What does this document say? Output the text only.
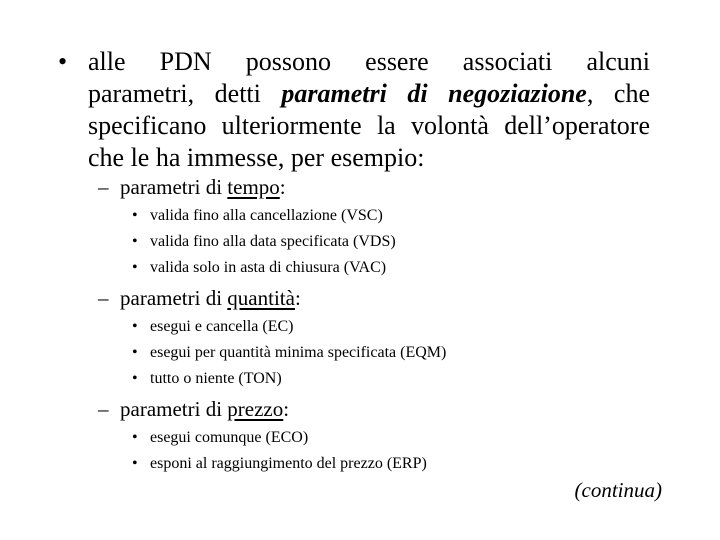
• alle PDN possono essere associati alcuni
parametri, detti parametri di negoziazione, che
specificano ulteriormente la volontà dell’operatore
che le ha immesse, per esempio:

– parametri di tempo:
• valida fino alla cancellazione (VSC)
• valida fino alla data specificata (VDS)
• valida solo in asta di chiusura (VAC)
– parametri di quantità:
• esegui e cancella (EC)
• esegui per quantità minima specificata (EQM)
• tutto o niente (TON)
– parametri di prezzo:
• esegui comunque (ECO)
• esponi al raggiungimento del prezzo (ERP)
(continua)
